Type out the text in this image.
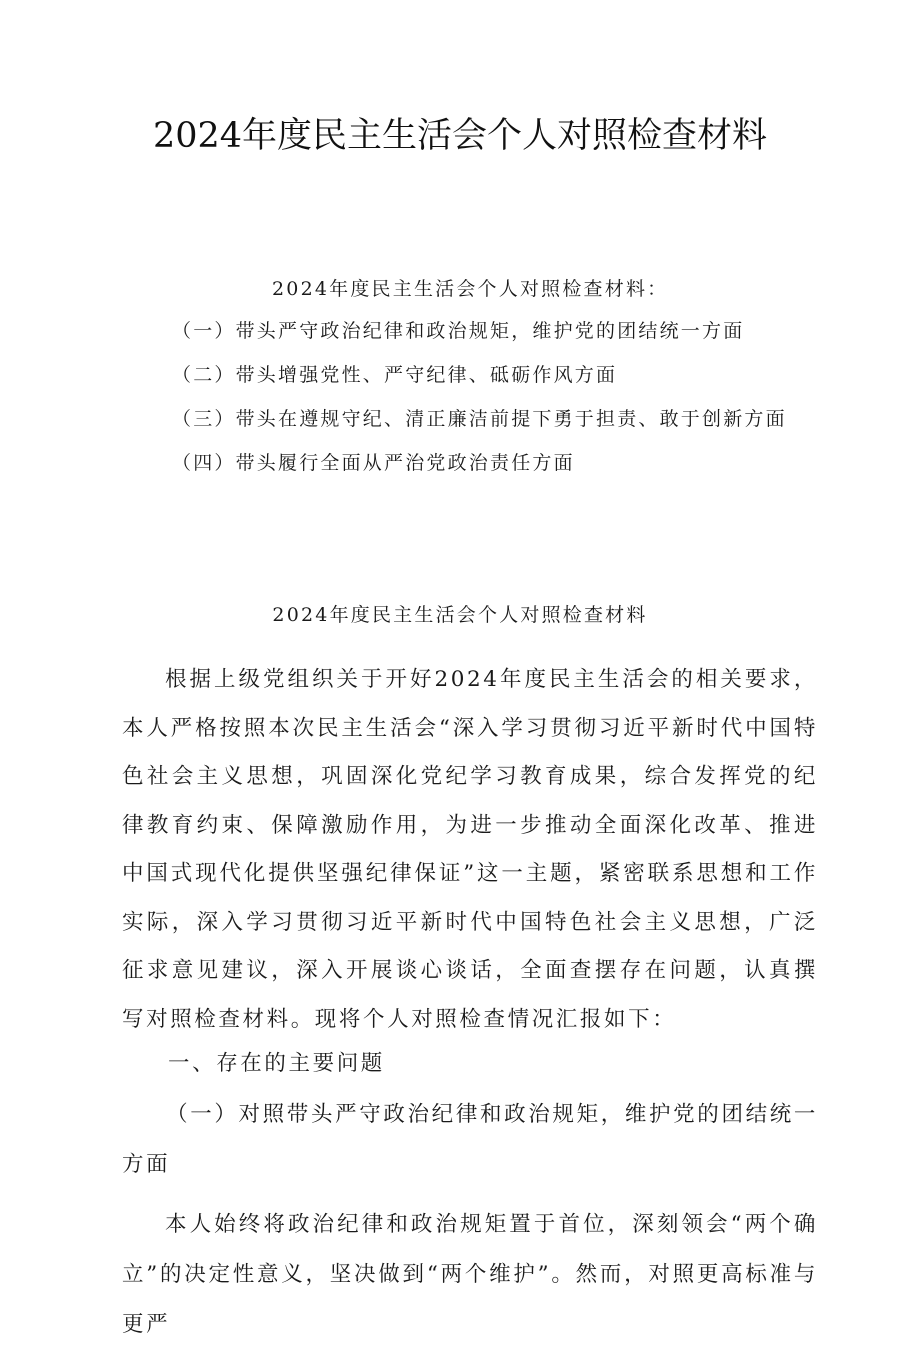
2024年度民主生活会个人对照检查材料
2024年度民主生活会个人对照检查材料：
（一）带头严守政治纪律和政治规矩，维护党的团结统一方面
（二）带头增强党性、严守纪律、砥砺作风方面
（三）带头在遵规守纪、清正廉洁前提下勇于担责、敢于创新方面
（四）带头履行全面从严治党政治责任方面
2024年度民主生活会个人对照检查材料
根据上级党组织关于开好2024年度民主生活会的相关要求，本人严格按照本次民主生活会“深入学习贯彻习近平新时代中国特色社会主义思想，巩固深化党纪学习教育成果，综合发挥党的纪律教育约束、保障激励作用，为进一步推动全面深化改革、推进中国式现代化提供坚强纪律保证”这一主题，紧密联系思想和工作实际，深入学习贯彻习近平新时代中国特色社会主义思想，广泛征求意见建议，深入开展谈心谈话，全面查摆存在问题，认真撰写对照检查材料。现将个人对照检查情况汇报如下：
一、存在的主要问题
（一）对照带头严守政治纪律和政治规矩，维护党的团结统一方面
本人始终将政治纪律和政治规矩置于首位，深刻领会“两个确立”的决定性意义，坚决做到“两个维护”。然而，对照更高标准与更严
